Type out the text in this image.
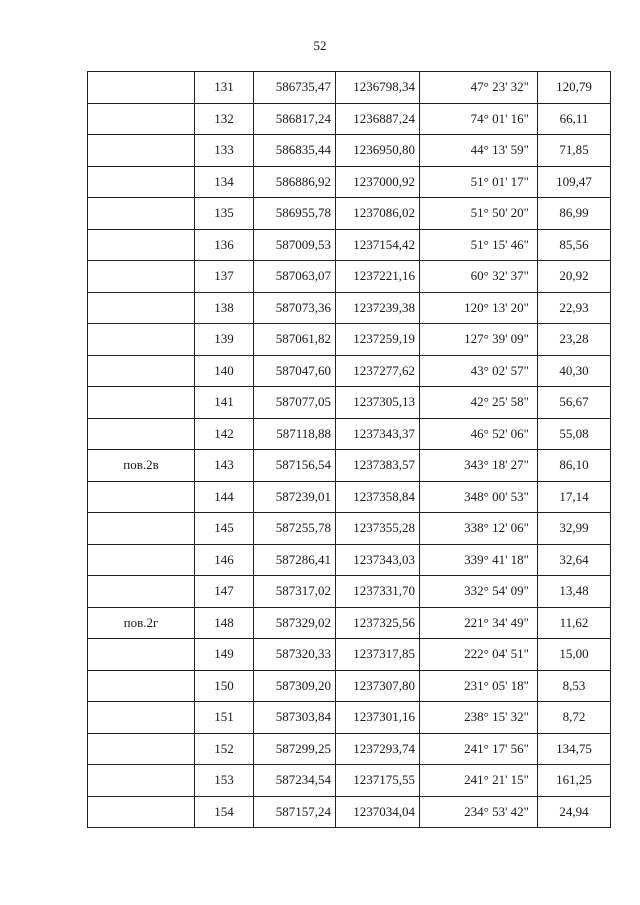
52
	131	586735,47	1236798,34	47° 23' 32"	120,79
	132	586817,24	1236887,24	74° 01' 16"	66,11
	133	586835,44	1236950,80	44° 13' 59"	71,85
	134	586886,92	1237000,92	51° 01' 17"	109,47
	135	586955,78	1237086,02	51° 50' 20"	86,99
	136	587009,53	1237154,42	51° 15' 46"	85,56
	137	587063,07	1237221,16	60° 32' 37"	20,92
	138	587073,36	1237239,38	120° 13' 20"	22,93
	139	587061,82	1237259,19	127° 39' 09"	23,28
	140	587047,60	1237277,62	43° 02' 57"	40,30
	141	587077,05	1237305,13	42° 25' 58"	56,67
	142	587118,88	1237343,37	46° 52' 06"	55,08
пов.2в	143	587156,54	1237383,57	343° 18' 27"	86,10
	144	587239,01	1237358,84	348° 00' 53"	17,14
	145	587255,78	1237355,28	338° 12' 06"	32,99
	146	587286,41	1237343,03	339° 41' 18"	32,64
	147	587317,02	1237331,70	332° 54' 09"	13,48
пов.2г	148	587329,02	1237325,56	221° 34' 49"	11,62
	149	587320,33	1237317,85	222° 04' 51"	15,00
	150	587309,20	1237307,80	231° 05' 18"	8,53
	151	587303,84	1237301,16	238° 15' 32"	8,72
	152	587299,25	1237293,74	241° 17' 56"	134,75
	153	587234,54	1237175,55	241° 21' 15"	161,25
	154	587157,24	1237034,04	234° 53' 42"	24,94
